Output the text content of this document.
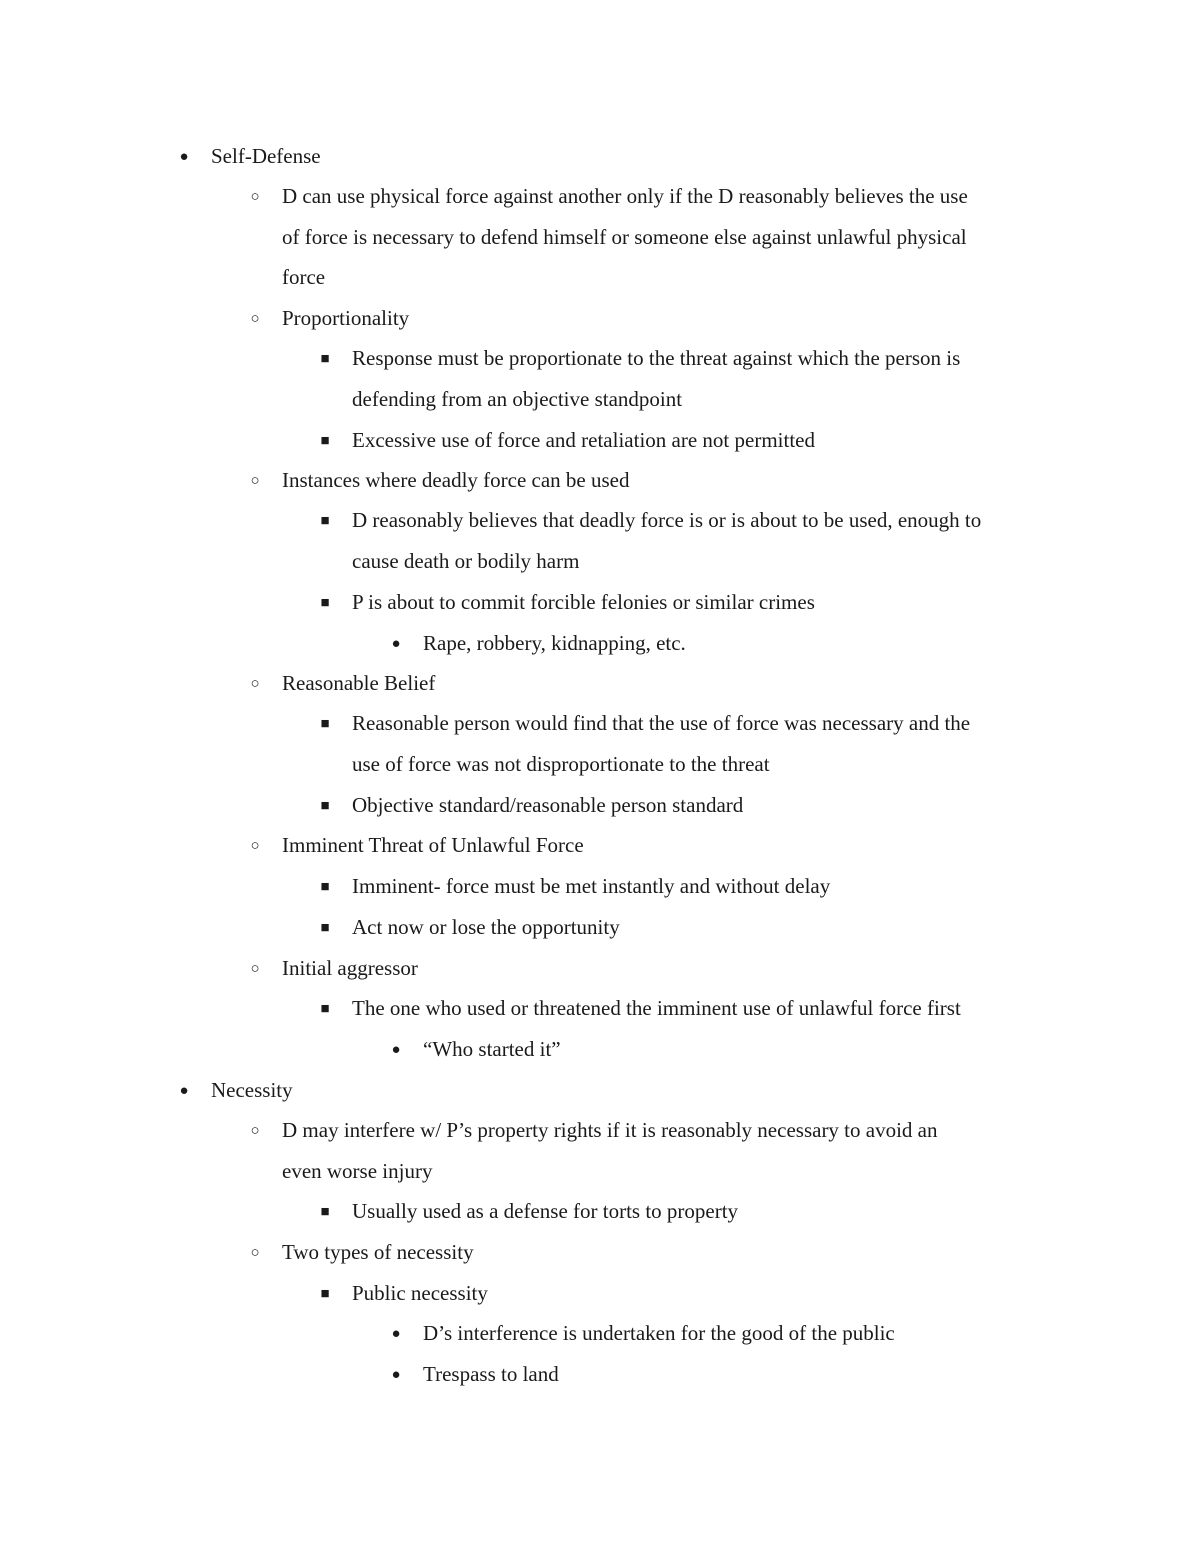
● Self-Defense
○ D can use physical force against another only if the D reasonably believes the use
of force is necessary to defend himself or someone else against unlawful physical
force
○ Proportionality
■ Response must be proportionate to the threat against which the person is
defending from an objective standpoint
■ Excessive use of force and retaliation are not permitted
○ Instances where deadly force can be used
■ D reasonably believes that deadly force is or is about to be used, enough to
cause death or bodily harm
■ P is about to commit forcible felonies or similar crimes
● Rape, robbery, kidnapping, etc.
○ Reasonable Belief
■ Reasonable person would find that the use of force was necessary and the
use of force was not disproportionate to the threat
■ Objective standard/reasonable person standard
○ Imminent Threat of Unlawful Force
■ Imminent- force must be met instantly and without delay
■ Act now or lose the opportunity
○ Initial aggressor
■ The one who used or threatened the imminent use of unlawful force first
● “Who started it”
● Necessity
○ D may interfere w/ P’s property rights if it is reasonably necessary to avoid an
even worse injury
■ Usually used as a defense for torts to property
○ Two types of necessity
■ Public necessity
● D’s interference is undertaken for the good of the public
● Trespass to land
